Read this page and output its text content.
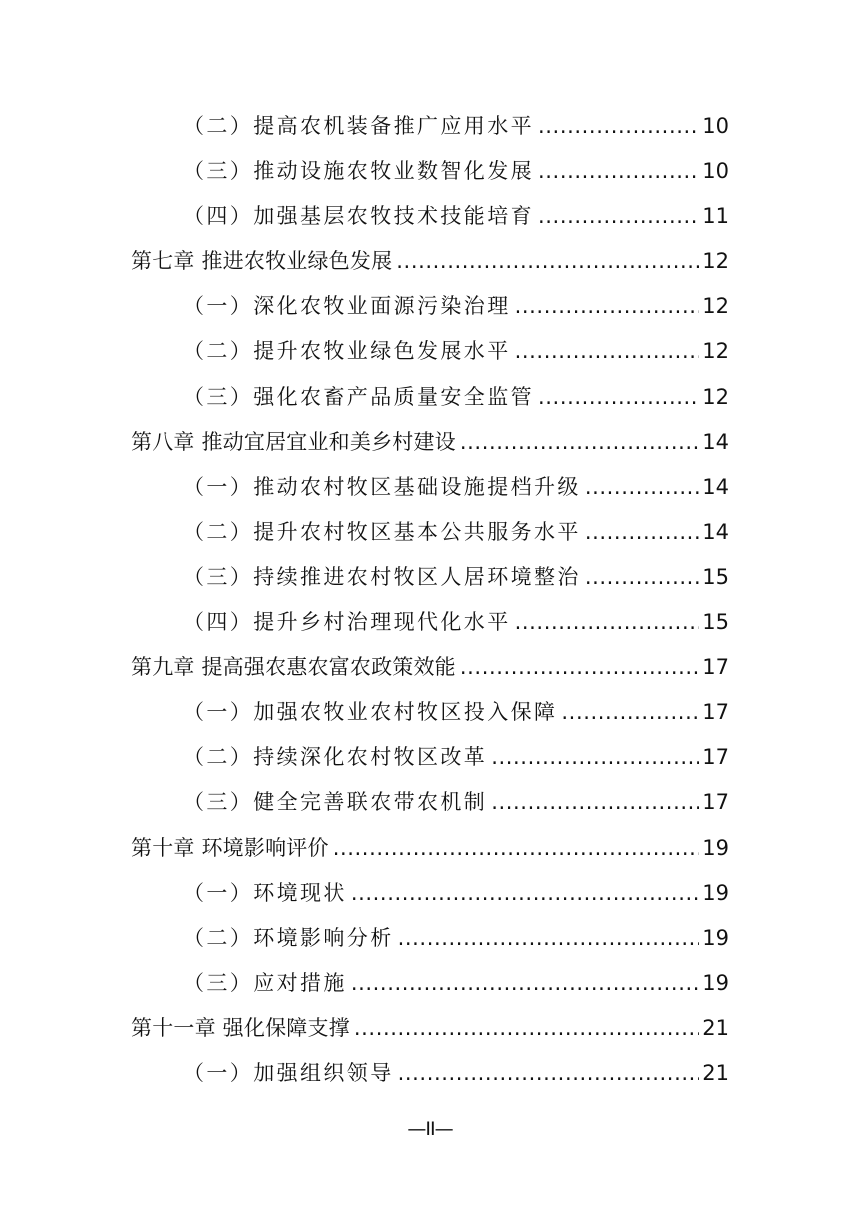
（二）提高农机装备推广应用水平 .....	10
（三）推动设施农牧业数智化发展 .....	10
（四）加强基层农牧技术技能培育 .....	11
第七章 推进农牧业绿色发展 .....	12
（一）深化农牧业面源污染治理 .....	12
（二）提升农牧业绿色发展水平 .....	12
（三）强化农畜产品质量安全监管 .....	12
第八章 推动宜居宜业和美乡村建设 .....	14
（一）推动农村牧区基础设施提档升级 .....	14
（二）提升农村牧区基本公共服务水平 .....	14
（三）持续推进农村牧区人居环境整治 .....	15
（四）提升乡村治理现代化水平 .....	15
第九章 提高强农惠农富农政策效能 .....	17
（一）加强农牧业农村牧区投入保障 .....	17
（二）持续深化农村牧区改革 .....	17
（三）健全完善联农带农机制 .....	17
第十章 环境影响评价 .....	19
（一）环境现状 .....	19
（二）环境影响分析 .....	19
（三）应对措施 .....	19
第十一章 强化保障支撑 .....	21
（一）加强组织领导 .....	21
—II—
